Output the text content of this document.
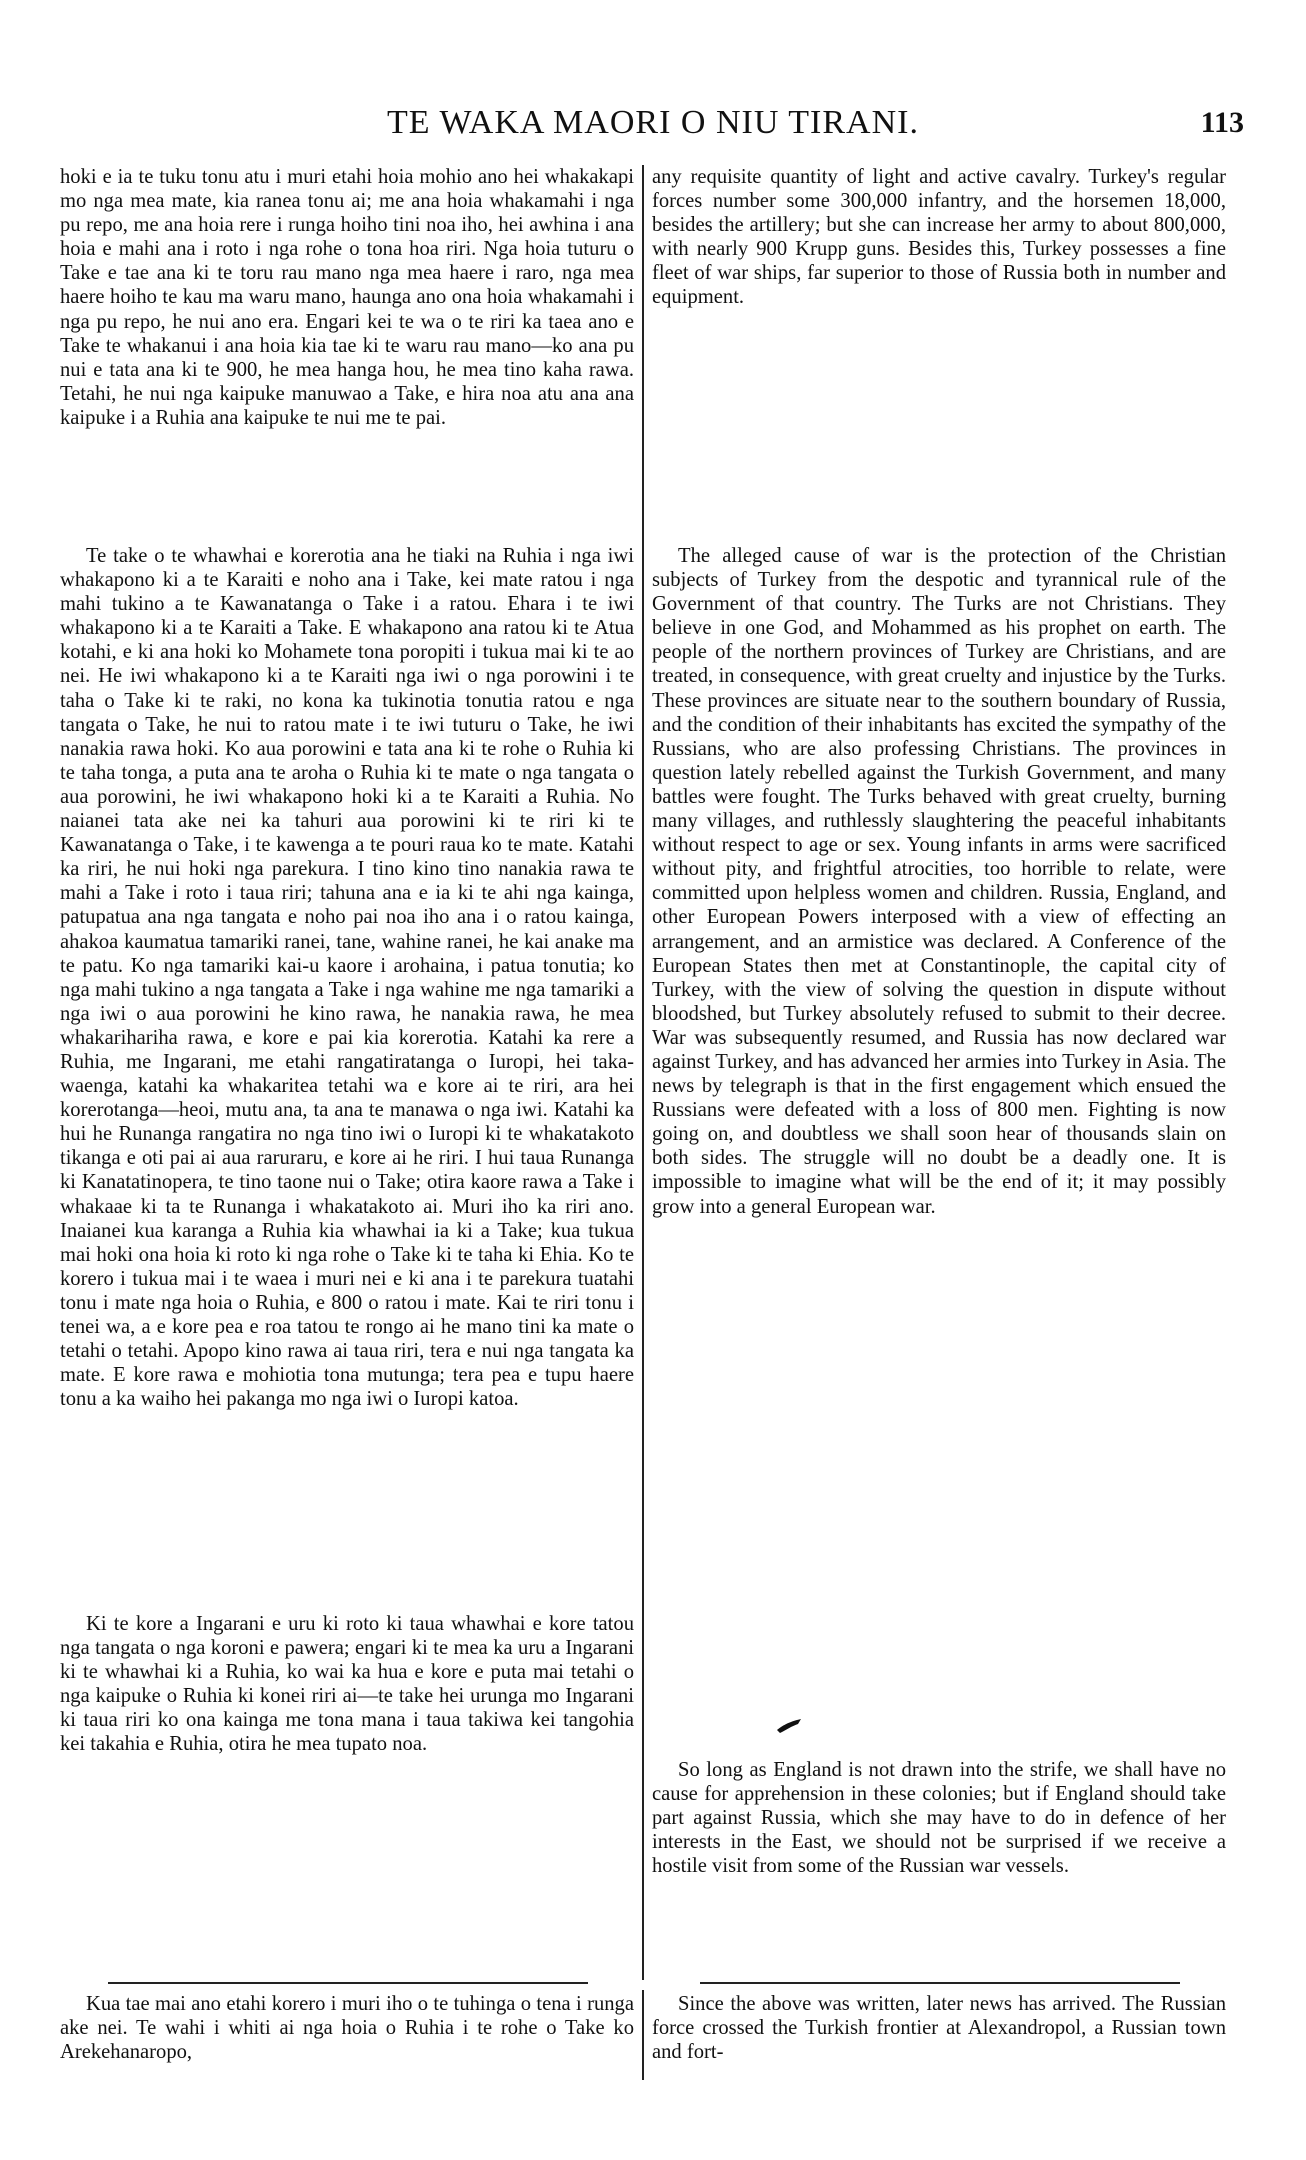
TE WAKA MAORI O NIU TIRANI.	113
hoki e ia te tuku tonu atu i muri etahi hoia mohio ano hei whakakapi mo nga mea mate, kia ranea tonu ai; me ana hoia whakamahi i nga pu repo, me ana hoia rere i runga hoiho tini noa iho, hei awhina i ana hoia e mahi ana i roto i nga rohe o tona hoa riri. Nga hoia tuturu o Take e tae ana ki te toru rau mano nga mea haere i raro, nga mea haere hoiho te kau ma waru mano, haunga ano ona hoia whakamahi i nga pu repo, he nui ano era. Engari kei te wa o te riri ka taea ano e Take te whakanui i ana hoia kia tae ki te waru rau mano—ko ana pu nui e tata ana ki te 900, he mea hanga hou, he mea tino kaha rawa. Tetahi, he nui nga kaipuke manuwao a Take, e hira noa atu ana ana kaipuke i a Ruhia ana kaipuke te nui me te pai.
Te take o te whawhai e korerotia ana he tiaki na Ruhia i nga iwi whakapono ki a te Karaiti e noho ana i Take, kei mate ratou i nga mahi tukino a te Kawanatanga o Take i a ratou. Ehara i te iwi whakapono ki a te Karaiti a Take. E whakapono ana ratou ki te Atua kotahi, e ki ana hoki ko Mohamete tona poropiti i tukua mai ki te ao nei. He iwi whakapono ki a te Karaiti nga iwi o nga porowini i te taha o Take ki te raki, no kona ka tukinotia tonutia ratou e nga tangata o Take, he nui to ratou mate i te iwi tuturu o Take, he iwi nanakia rawa hoki. Ko aua porowini e tata ana ki te rohe o Ruhia ki te taha tonga, a puta ana te aroha o Ruhia ki te mate o nga tangata o aua porowini, he iwi whakapono hoki ki a te Karaiti a Ruhia. No naianei tata ake nei ka tahuri aua porowini ki te riri ki te Kawanatanga o Take, i te kawenga a te pouri raua ko te mate. Katahi ka riri, he nui hoki nga parekura. I tino kino tino nanakia rawa te mahi a Take i roto i taua riri; tahuna ana e ia ki te ahi nga kainga, patupatua ana nga tangata e noho pai noa iho ana i o ratou kainga, ahakoa kaumatua tamariki ranei, tane, wahine ranei, he kai anake ma te patu. Ko nga tamariki kai-u kaore i arohaina, i patua tonutia; ko nga mahi tukino a nga tangata a Take i nga wahine me nga tamariki a nga iwi o aua porowini he kino rawa, he nanakia rawa, he mea whakarihariha rawa, e kore e pai kia korerotia. Katahi ka rere a Ruhia, me Ingarani, me etahi rangatiratanga o Iuropi, hei taka-waenga, katahi ka whakaritea tetahi wa e kore ai te riri, ara hei korerotanga—heoi, mutu ana, ta ana te manawa o nga iwi. Katahi ka hui he Runanga rangatira no nga tino iwi o Iuropi ki te whakatakoto tikanga e oti pai ai aua raruraru, e kore ai he riri. I hui taua Runanga ki Kanatatinopera, te tino taone nui o Take; otira kaore rawa a Take i whakaae ki ta te Runanga i whakatakoto ai. Muri iho ka riri ano. Inaianei kua karanga a Ruhia kia whawhai ia ki a Take; kua tukua mai hoki ona hoia ki roto ki nga rohe o Take ki te taha ki Ehia. Ko te korero i tukua mai i te waea i muri nei e ki ana i te parekura tuatahi tonu i mate nga hoia o Ruhia, e 800 o ratou i mate. Kai te riri tonu i tenei wa, a e kore pea e roa tatou te rongo ai he mano tini ka mate o tetahi o tetahi. Apopo kino rawa ai taua riri, tera e nui nga tangata ka mate. E kore rawa e mohiotia tona mutunga; tera pea e tupu haere tonu a ka waiho hei pakanga mo nga iwi o Iuropi katoa.
Ki te kore a Ingarani e uru ki roto ki taua whawhai e kore tatou nga tangata o nga koroni e pawera; engari ki te mea ka uru a Ingarani ki te whawhai ki a Ruhia, ko wai ka hua e kore e puta mai tetahi o nga kaipuke o Ruhia ki konei riri ai—te take hei urunga mo Ingarani ki taua riri ko ona kainga me tona mana i taua takiwa kei tangohia kei takahia e Ruhia, otira he mea tupato noa.
Kua tae mai ano etahi korero i muri iho o te tuhinga o tena i runga ake nei. Te wahi i whiti ai nga hoia o Ruhia i te rohe o Take ko Arekehanaropo,
any requisite quantity of light and active cavalry. Turkey's regular forces number some 300,000 infantry, and the horsemen 18,000, besides the artillery; but she can increase her army to about 800,000, with nearly 900 Krupp guns. Besides this, Turkey possesses a fine fleet of war ships, far superior to those of Russia both in number and equipment.
The alleged cause of war is the protection of the Christian subjects of Turkey from the despotic and tyrannical rule of the Government of that country. The Turks are not Christians. They believe in one God, and Mohammed as his prophet on earth. The people of the northern provinces of Turkey are Christians, and are treated, in consequence, with great cruelty and injustice by the Turks. These provinces are situate near to the southern boundary of Russia, and the condition of their inhabitants has excited the sympathy of the Russians, who are also professing Christians. The provinces in question lately rebelled against the Turkish Government, and many battles were fought. The Turks behaved with great cruelty, burning many villages, and ruthlessly slaughtering the peaceful inhabitants without respect to age or sex. Young infants in arms were sacrificed without pity, and frightful atrocities, too horrible to relate, were committed upon helpless women and children. Russia, England, and other European Powers interposed with a view of effecting an arrangement, and an armistice was declared. A Conference of the European States then met at Constantinople, the capital city of Turkey, with the view of solving the question in dispute without bloodshed, but Turkey absolutely refused to submit to their decree. War was subsequently resumed, and Russia has now declared war against Turkey, and has advanced her armies into Turkey in Asia. The news by telegraph is that in the first engagement which ensued the Russians were defeated with a loss of 800 men. Fighting is now going on, and doubtless we shall soon hear of thousands slain on both sides. The struggle will no doubt be a deadly one. It is impossible to imagine what will be the end of it; it may possibly grow into a general European war.
So long as England is not drawn into the strife, we shall have no cause for apprehension in these colonies; but if England should take part against Russia, which she may have to do in defence of her interests in the East, we should not be surprised if we receive a hostile visit from some of the Russian war vessels.
Since the above was written, later news has arrived. The Russian force crossed the Turkish frontier at Alexandropol, a Russian town and fort-
